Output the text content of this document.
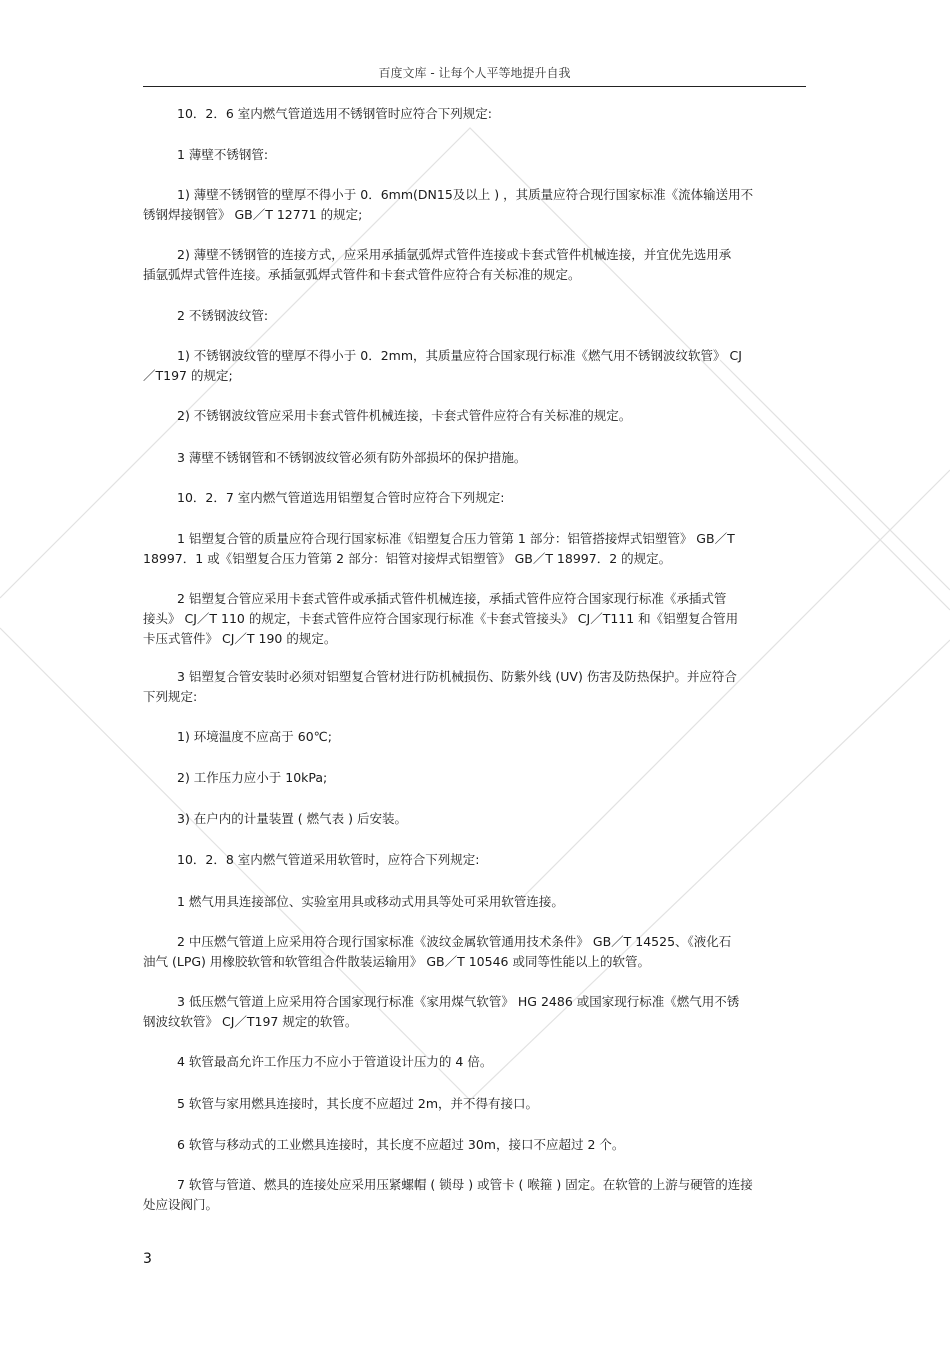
百度文库 - 让每个人平等地提升自我
10．2．6 室内燃气管道选用不锈钢管时应符合下列规定:
1 薄壁不锈钢管:
1) 薄壁不锈钢管的壁厚不得小于 0．6mm(DN15及以上 ) ，其质量应符合现行国家标准《流体输送用不
锈钢焊接钢管》 GB／T 12771 的规定;
2) 薄壁不锈钢管的连接方式，应采用承插氩弧焊式管件连接或卡套式管件机械连接，并宜优先选用承
插氩弧焊式管件连接。承插氩弧焊式管件和卡套式管件应符合有关标准的规定。
2 不锈钢波纹管:
1) 不锈钢波纹管的壁厚不得小于 0．2mm，其质量应符合国家现行标准《燃气用不锈钢波纹软管》 CJ
／T197 的规定;
2) 不锈钢波纹管应采用卡套式管件机械连接，卡套式管件应符合有关标准的规定。
3 薄壁不锈钢管和不锈钢波纹管必须有防外部损坏的保护措施。
10．2．7 室内燃气管道选用铝塑复合管时应符合下列规定:
1 铝塑复合管的质量应符合现行国家标准《铝塑复合压力管第 1 部分：铝管搭接焊式铝塑管》 GB／T
18997．1 或《铝塑复合压力管第 2 部分：铝管对接焊式铝塑管》 GB／T 18997．2 的规定。
2 铝塑复合管应采用卡套式管件或承插式管件机械连接，承插式管件应符合国家现行标准《承插式管
接头》 CJ／T 110 的规定，卡套式管件应符合国家现行标准《卡套式管接头》 CJ／T111 和《铝塑复合管用
卡压式管件》 CJ／T 190 的规定。
3 铝塑复合管安装时必须对铝塑复合管材进行防机械损伤、防紫外线 (UV) 伤害及防热保护。并应符合
下列规定:
1) 环境温度不应高于 60℃;
2) 工作压力应小于 10kPa;
3) 在户内的计量装置 ( 燃气表 ) 后安装。
10．2．8 室内燃气管道采用软管时，应符合下列规定:
1 燃气用具连接部位、实验室用具或移动式用具等处可采用软管连接。
2 中压燃气管道上应采用符合现行国家标准《波纹金属软管通用技术条件》 GB／T 14525、《液化石
油气 (LPG) 用橡胶软管和软管组合件散装运输用》 GB／T 10546 或同等性能以上的软管。
3 低压燃气管道上应采用符合国家现行标准《家用煤气软管》 HG 2486 或国家现行标准《燃气用不锈
钢波纹软管》 CJ／T197 规定的软管。
4 软管最高允许工作压力不应小于管道设计压力的 4 倍。
5 软管与家用燃具连接时，其长度不应超过 2m，并不得有接口。
6 软管与移动式的工业燃具连接时，其长度不应超过 30m，接口不应超过 2 个。
7 软管与管道、燃具的连接处应采用压紧螺帽 ( 锁母 ) 或管卡 ( 喉箍 ) 固定。在软管的上游与硬管的连接
处应设阀门。
3
